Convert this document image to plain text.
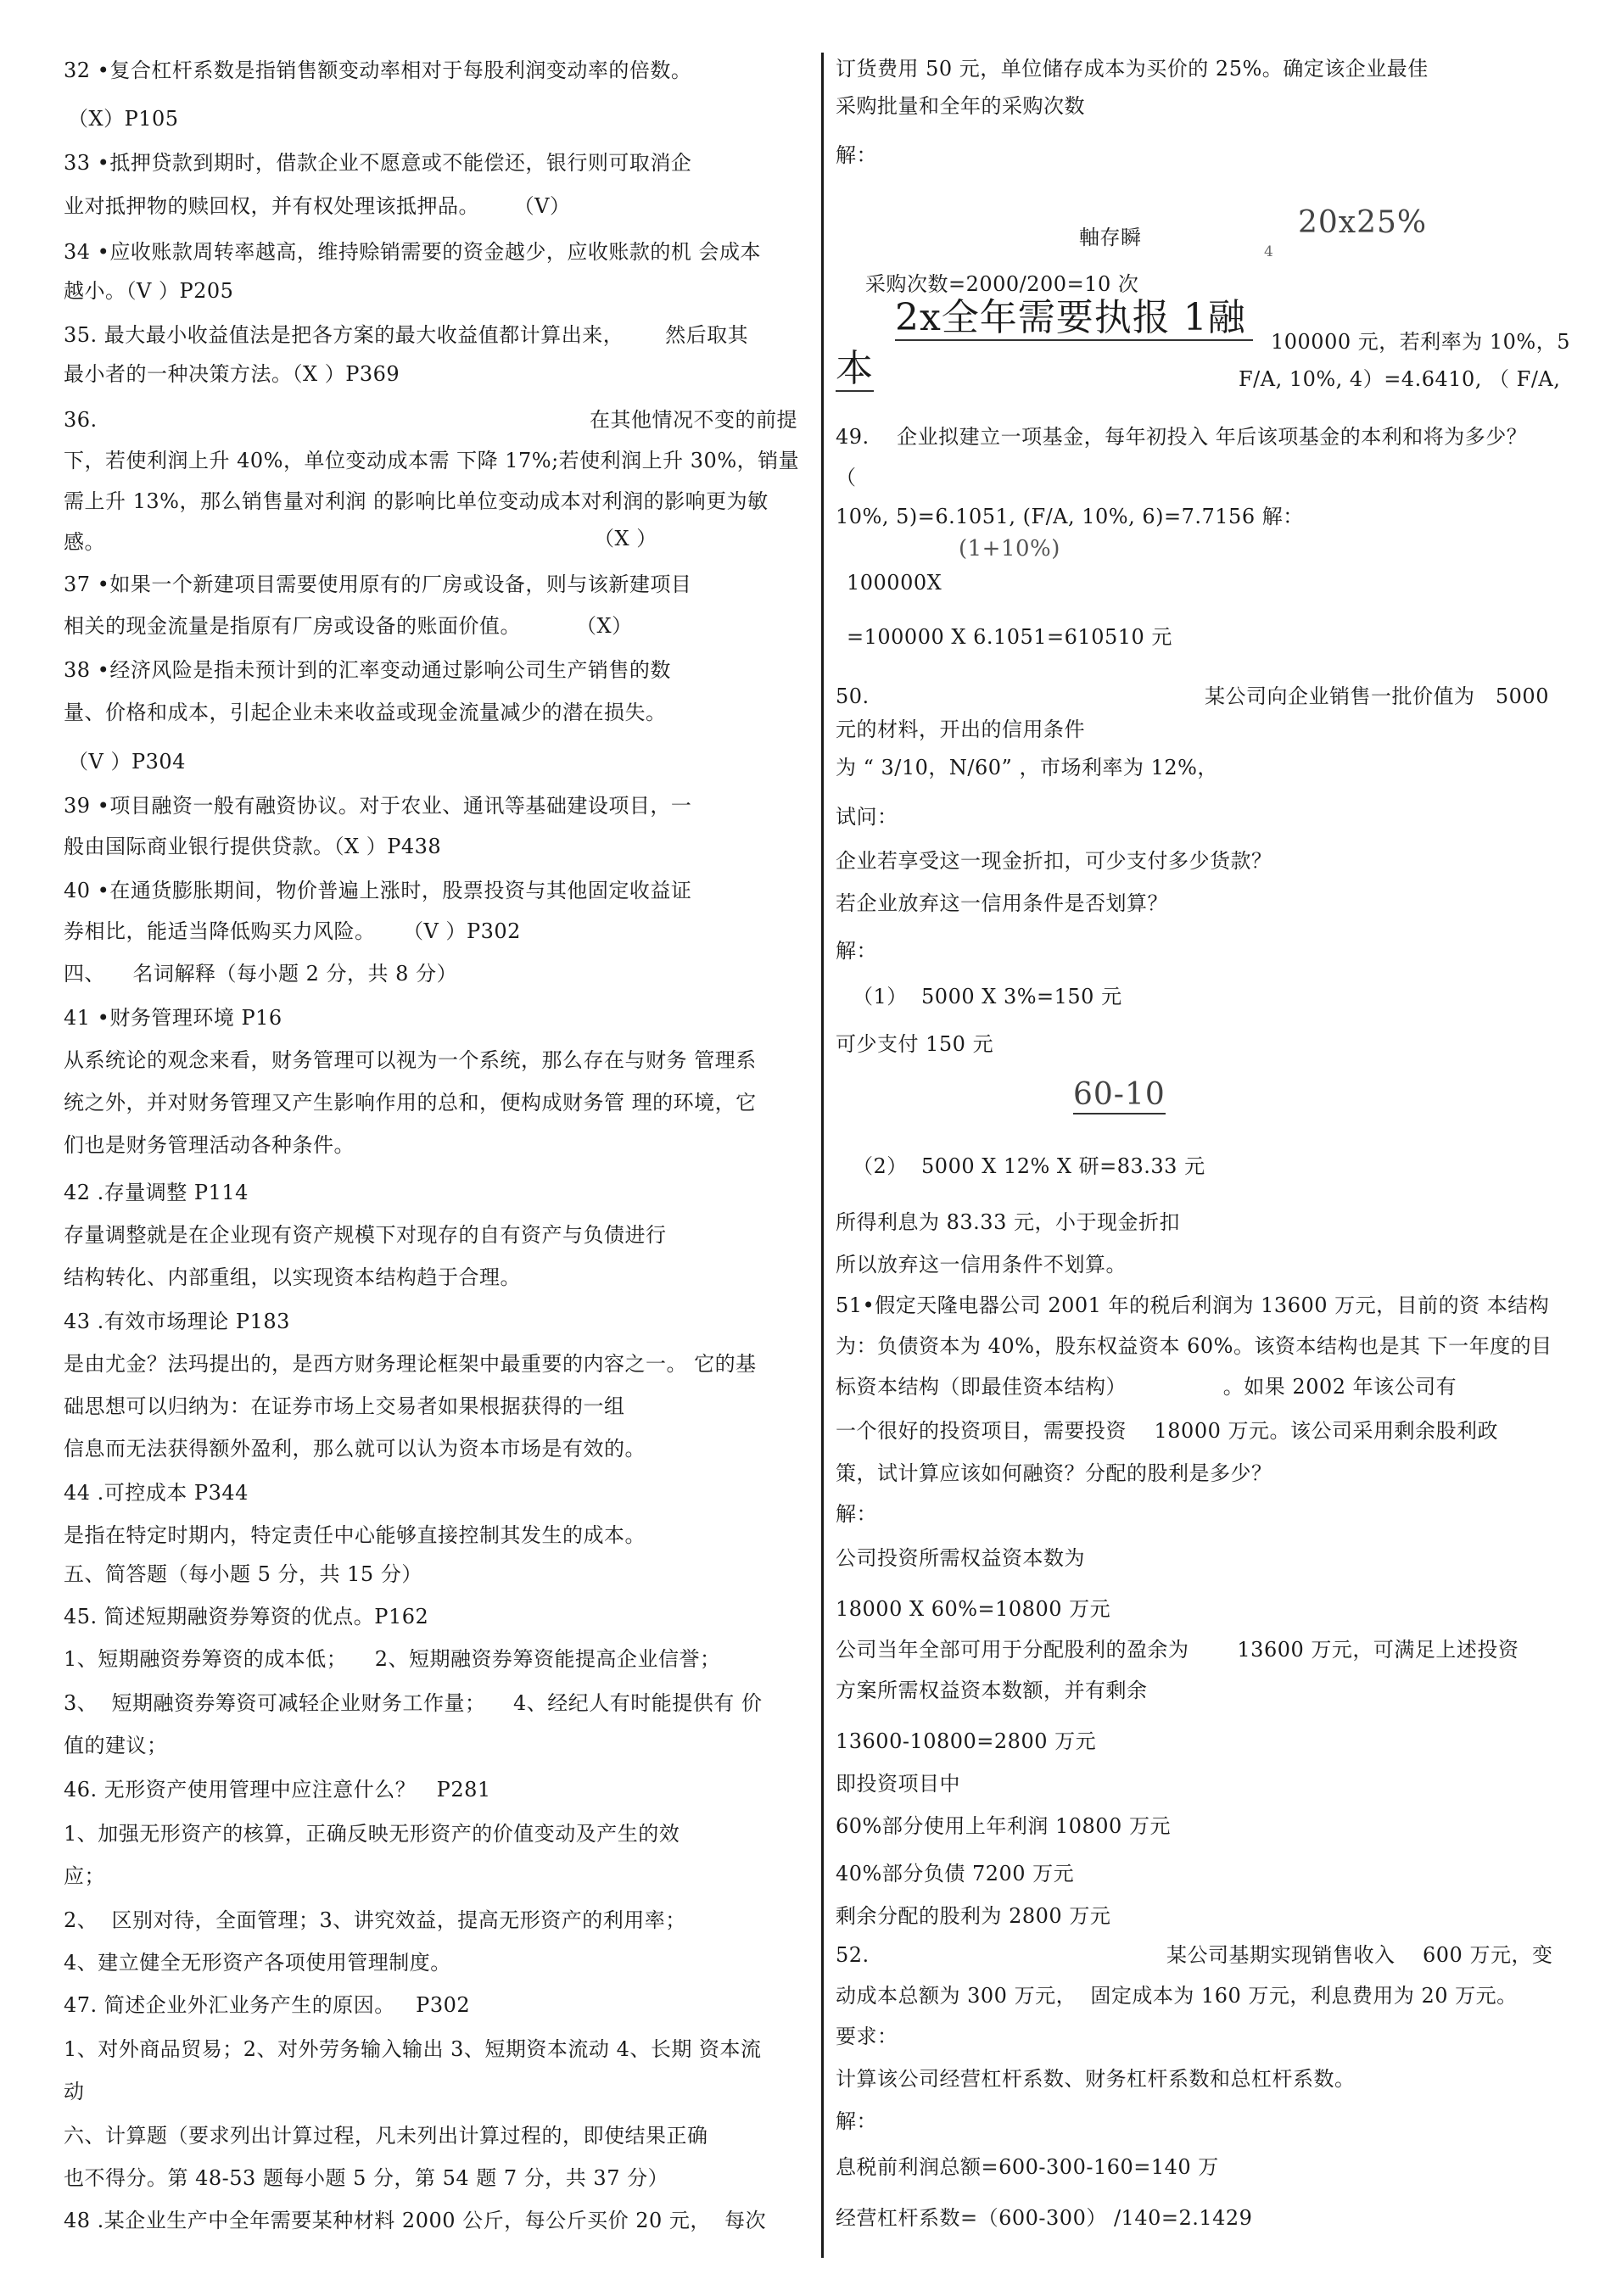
32 •复合杠杆系数是指销售额变动率相对于每股利润变动率的倍数。
（X）P105
33 •抵押贷款到期时，借款企业不愿意或不能偿还，银行则可取消企
业对抵押物的赎回权，并有权处理该抵押品。     （V）
34 •应收账款周转率越高，维持赊销需要的资金越少，应收账款的机 会成本
越小。（V ）P205
35. 最大最小收益值法是把各方案的最大收益值都计算出来，      然后取其
最小者的一种决策方法。（X ）P369
36.	在其他情况不变的前提
下，若使利润上升 40%，单位变动成本需 下降 17%;若使利润上升 30%，销量
需上升 13%，那么销售量对利润 的影响比单位变动成本对利润的影响更为敏
感。	（X ）
37 •如果一个新建项目需要使用原有的厂房或设备，则与该新建项目
相关的现金流量是指原有厂房或设备的账面价值。        （X）
38 •经济风险是指未预计到的汇率变动通过影响公司生产销售的数
量、价格和成本，引起企业未来收益或现金流量减少的潜在损失。
（V ）P304
39 •项目融资一般有融资协议。对于农业、通讯等基础建设项目，一
般由国际商业银行提供贷款。（X ）P438
40 •在通货膨胀期间，物价普遍上涨时，股票投资与其他固定收益证
券相比，能适当降低购买力风险。    （V ）P302
四、    名词解释（每小题 2 分，共 8 分）
41 •财务管理环境 P16
从系统论的观念来看，财务管理可以视为一个系统，那么存在与财务 管理系
统之外，并对财务管理又产生影响作用的总和，便构成财务管 理的环境，它
们也是财务管理活动各种条件。
42 .存量调整 P114
存量调整就是在企业现有资产规模下对现存的自有资产与负债进行
结构转化、内部重组，以实现资本结构趋于合理。
43 .有效市场理论 P183
是由尤金？法玛提出的，是西方财务理论框架中最重要的内容之一。 它的基
础思想可以归纳为：在证券市场上交易者如果根据获得的一组
信息而无法获得额外盈利，那么就可以认为资本市场是有效的。
44 .可控成本 P344
是指在特定时期内，特定责任中心能够直接控制其发生的成本。
五、简答题（每小题 5 分，共 15 分）
45. 简述短期融资券筹资的优点。P162
1、短期融资券筹资的成本低；    2、短期融资券筹资能提高企业信誉；
3、  短期融资券筹资可减轻企业财务工作量；    4、经纪人有时能提供有 价
值的建议；
46. 无形资产使用管理中应注意什么？   P281
1、加强无形资产的核算，正确反映无形资产的价值变动及产生的效
应；
2、  区别对待，全面管理；3、讲究效益，提高无形资产的利用率；
4、建立健全无形资产各项使用管理制度。
47. 简述企业外汇业务产生的原因。   P302
1、对外商品贸易；2、对外劳务输入输出 3、短期资本流动 4、长期 资本流
动
六、计算题（要求列出计算过程，凡未列出计算过程的，即使结果正确
也不得分。第 48-53 题每小题 5 分，第 54 题 7 分，共 37 分）
48 .某企业生产中全年需要某种材料 2000 公斤，每公斤买价 20 元，  每次
订货费用 50 元，单位储存成本为买价的 25%。确定该企业最佳
采购批量和全年的采购次数
解：
軸存瞬
采购次数=2000/200=10 次
100000 元，若利率为 10%，5
F/A, 10%, 4）=4.6410, （ F/A,
49.    企业拟建立一项基金，每年初投入 年后该项基金的本利和将为多少？
（
10%, 5)=6.1051, (F/A, 10%, 6)=7.7156 解：
100000X
=100000 X 6.1051=610510 元
50.	某公司向企业销售一批价值为   5000
元的材料，开出的信用条件
为 “ 3/10，N/60” ，市场利率为 12%，
试问：
企业若享受这一现金折扣，可少支付多少货款？
若企业放弃这一信用条件是否划算？
解：
（1）  5000 X 3%=150 元
可少支付 150 元
（2）  5000 X 12% X 研=83.33 元
所得利息为 83.33 元，小于现金折扣
所以放弃这一信用条件不划算。
51•假定天隆电器公司 2001 年的税后利润为 13600 万元，目前的资 本结构
为：负债资本为 40%，股东权益资本 60%。该资本结构也是其 下一年度的目
标资本结构（即最佳资本结构）              。如果 2002 年该公司有
一个很好的投资项目，需要投资    18000 万元。该公司采用剩余股利政
策，试计算应该如何融资？分配的股利是多少？
解：
公司投资所需权益资本数为
18000 X 60%=10800 万元
公司当年全部可用于分配股利的盈余为       13600 万元，可满足上述投资
方案所需权益资本数额，并有剩余
13600-10800=2800 万元
即投资项目中
60%部分使用上年利润 10800 万元
40%部分负债 7200 万元
剩余分配的股利为 2800 万元
52.	某公司基期实现销售收入    600 万元，变
动成本总额为 300 万元，  固定成本为 160 万元，利息费用为 20 万元。
要求：
计算该公司经营杠杆系数、财务杠杆系数和总杠杆系数。
解：
息税前利润总额=600-300-160=140 万
经营杠杆系数=（600-300） /140=2.1429
20x25%
4
2x全年需要执报 1融
本
(1+10%)
60-10
